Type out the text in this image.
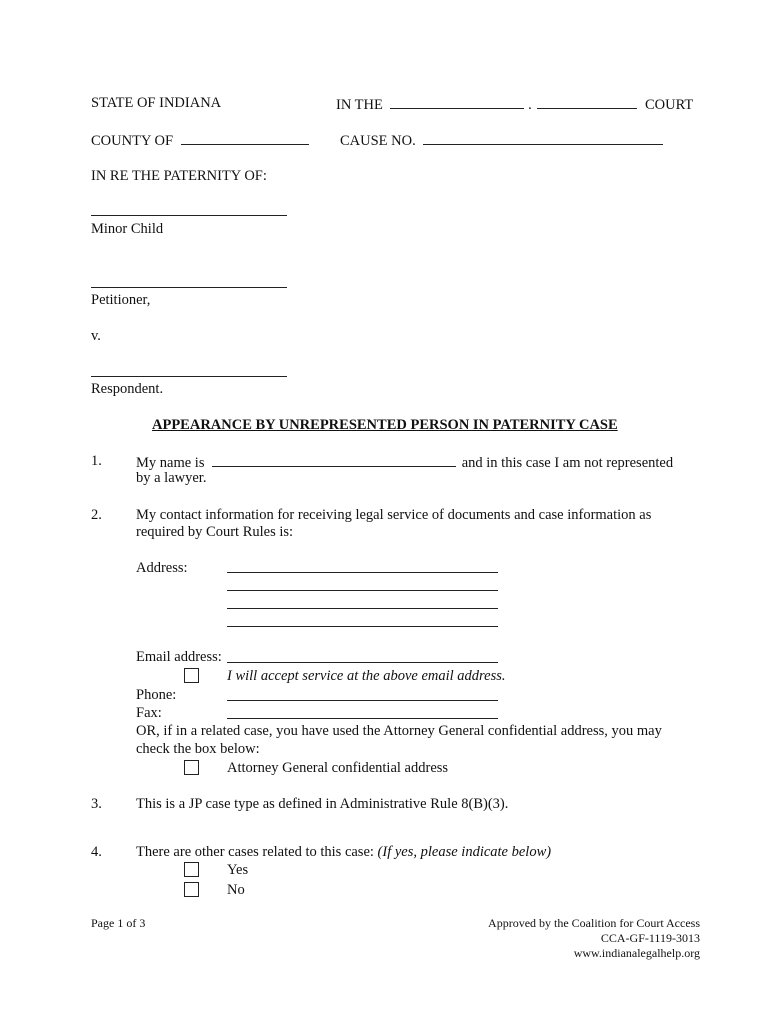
STATE OF INDIANA	IN THE	.	COURT
COUNTY OF	CAUSE NO.
IN RE THE PATERNITY OF:
Minor Child
Petitioner,
v.
Respondent.
APPEARANCE BY UNREPRESENTED PERSON IN PATERNITY CASE
1. My name is	and in this case I am not represented
by a lawyer.
2. My contact information for receiving legal service of documents and case information as
required by Court Rules is:
Address:
Email address:
I will accept service at the above email address.
Phone:
Fax:
OR, if in a related case, you have used the Attorney General confidential address, you may
check the box below:
Attorney General confidential address
3. This is a JP case type as defined in Administrative Rule 8(B)(3).
4. There are other cases related to this case: (If yes, please indicate below)
Yes
No
Page 1 of 3	Approved by the Coalition for Court Access
CCA-GF-1119-3013
www.indianalegalhelp.org
